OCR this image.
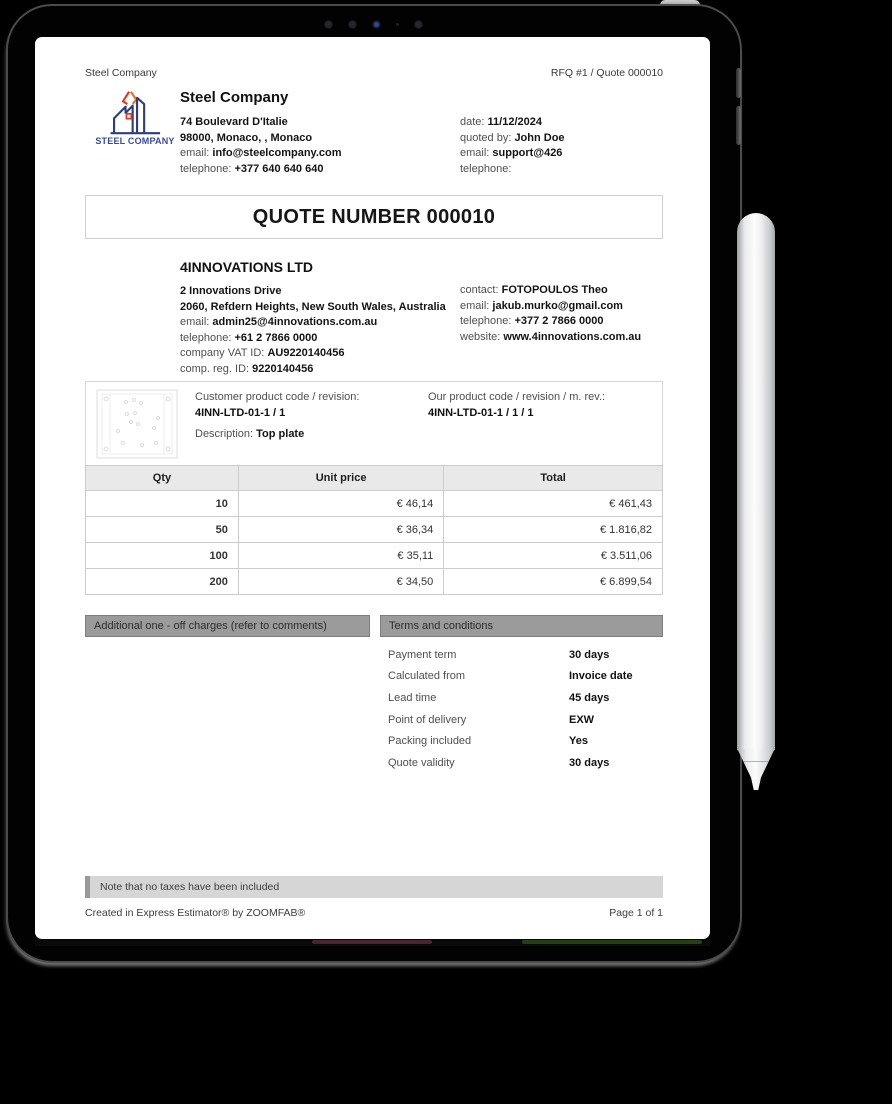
Steel Company	RFQ #1 / Quote 000010
STEEL COMPANY
Steel Company
74 Boulevard D'Italie
98000, Monaco, , Monaco
email: info@steelcompany.com
telephone: +377 640 640 640
date: 11/12/2024
quoted by: John Doe
email: support@426
telephone:
QUOTE NUMBER 000010
4INNOVATIONS LTD
2 Innovations Drive
2060, Refdern Heights, New South Wales, Australia
email: admin25@4innovations.com.au
telephone: +61 2 7866 0000
company VAT ID: AU9220140456
comp. reg. ID: 9220140456
contact: FOTOPOULOS Theo
email: jakub.murko@gmail.com
telephone: +377 2 7866 0000
website: www.4innovations.com.au
Customer product code / revision:
4INN-LTD-01-1 / 1
Our product code / revision / m. rev.:
4INN-LTD-01-1 / 1 / 1
Description: Top plate
Qty	Unit price	Total
10	€ 46,14	€ 461,43
50	€ 36,34	€ 1.816,82
100	€ 35,11	€ 3.511,06
200	€ 34,50	€ 6.899,54
Additional one - off charges (refer to comments)	Terms and conditions
Payment term	30 days
Calculated from	Invoice date
Lead time	45 days
Point of delivery	EXW
Packing included	Yes
Quote validity	30 days
Note that no taxes have been included
Created in Express Estimator® by ZOOMFAB®	Page 1 of 1
